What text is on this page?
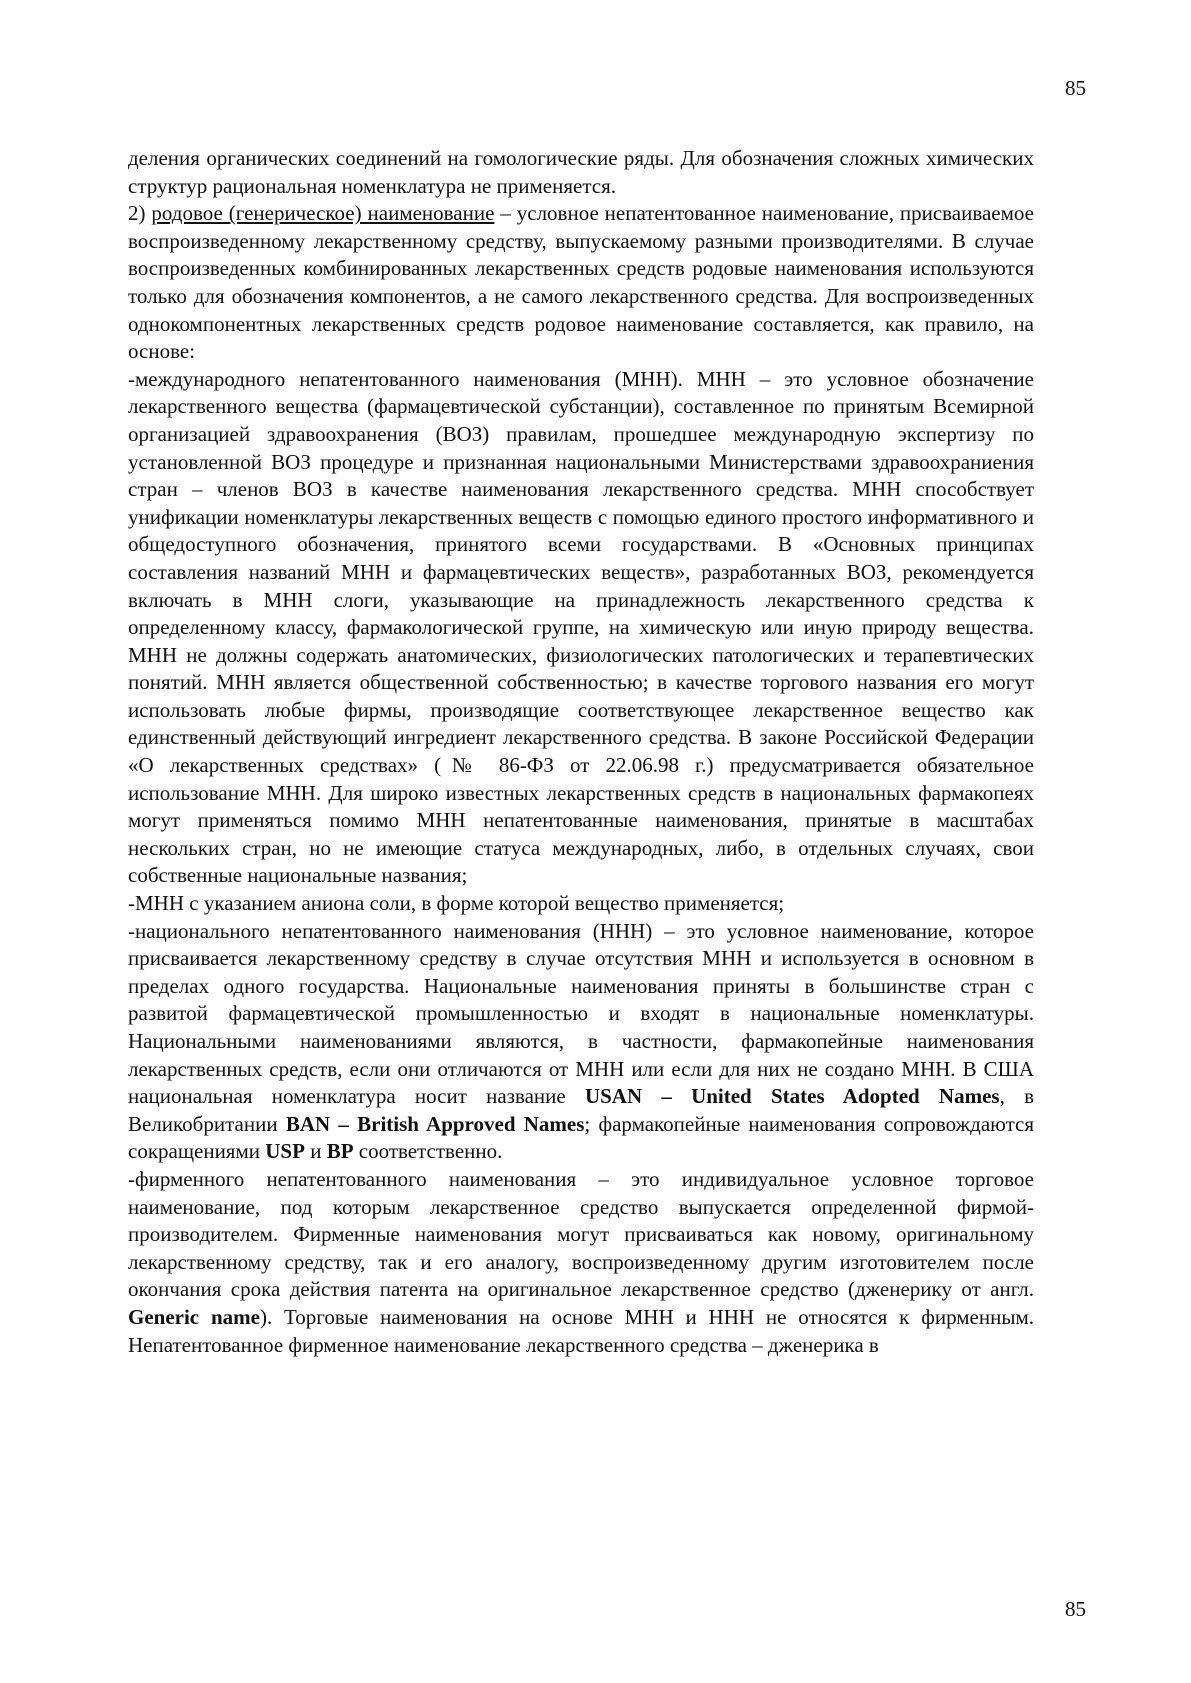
85

деления органических соединений на гомологические ряды. Для обозначения сложных химических структур рациональная номенклатура не применяется.

2) родовое (генерическое) наименование – условное непатентованное наименование, присваиваемое воспроизведенному лекарственному средству, выпускаемому разными производителями. В случае воспроизведенных комбинированных лекарственных средств родовые наименования используются только для обозначения компонентов, а не самого лекарственного средства. Для воспроизведенных однокомпонентных лекарственных средств родовое наименование составляется, как правило, на основе:

-международного непатентованного наименования (МНН). МНН – это условное обозначение лекарственного вещества (фармацевтической субстанции), составленное по принятым Всемирной организацией здравоохранения (ВОЗ) правилам, прошедшее международную экспертизу по установленной ВОЗ процедуре и признанная национальными Министерствами здравоохраниения стран – членов ВОЗ в качестве наименования лекарственного средства. МНН способствует унификации номенклатуры лекарственных веществ с помощью единого простого информативного и общедоступного обозначения, принятого всеми государствами. В «Основных принципах составления названий МНН и фармацевтических веществ», разработанных ВОЗ, рекомендуется включать в МНН слоги, указывающие на принадлежность лекарственного средства к определенному классу, фармакологической группе, на химическую или иную природу вещества. МНН не должны содержать анатомических, физиологических патологических и терапевтических понятий. МНН является общественной собственностью; в качестве торгового названия его могут использовать любые фирмы, производящие соответствующее лекарственное вещество как единственный действующий ингредиент лекарственного средства. В законе Российской Федерации «О лекарственных средствах» (№ 86-ФЗ от 22.06.98 г.) предусматривается обязательное использование МНН. Для широко известных лекарственных средств в национальных фармакопеях могут применяться помимо МНН непатентованные наименования, принятые в масштабах нескольких стран, но не имеющие статуса международных, либо, в отдельных случаях, свои собственные национальные названия;

-МНН с указанием аниона соли, в форме которой вещество применяется;

-национального непатентованного наименования (ННН) – это условное наименование, которое присваивается лекарственному средству в случае отсутствия МНН и используется в основном в пределах одного государства. Национальные наименования приняты в большинстве стран с развитой фармацевтической промышленностью и входят в национальные номенклатуры. Национальными наименованиями являются, в частности, фармакопейные наименования лекарственных средств, если они отличаются от МНН или если для них не создано МНН. В США национальная номенклатура носит название USAN – United States Adopted Names, в Великобритании BAN – British Approved Names; фармакопейные наименования сопровождаются сокращениями USP и BP соответственно.

-фирменного непатентованного наименования – это индивидуальное условное торговое наименование, под которым лекарственное средство выпускается определенной фирмой-производителем. Фирменные наименования могут присваиваться как новому, оригинальному лекарственному средству, так и его аналогу, воспроизведенному другим изготовителем после окончания срока действия патента на оригинальное лекарственное средство (дженерику от англ. Generic name). Торговые наименования на основе МНН и ННН не относятся к фирменным. Непатентованное фирменное наименование лекарственного средства – дженерика в

85
